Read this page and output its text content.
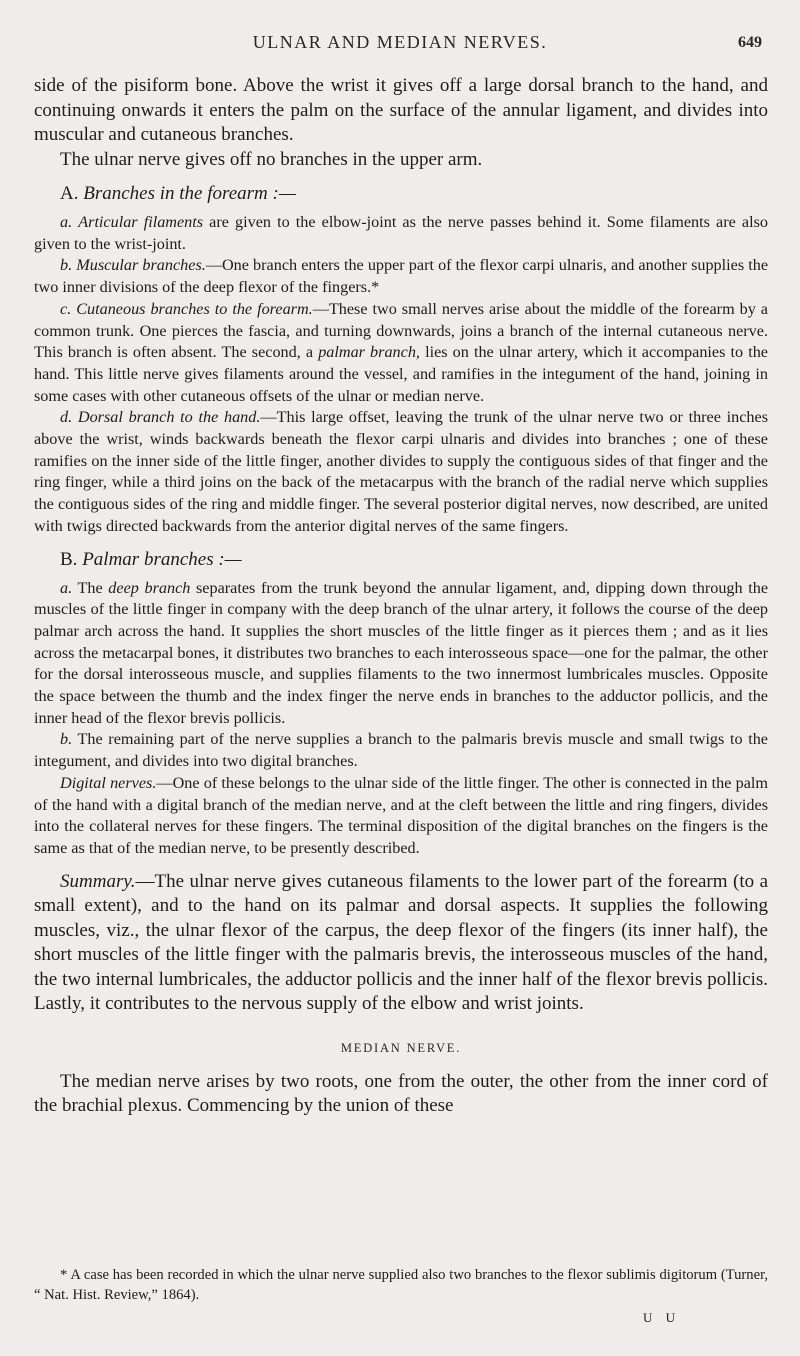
ULNAR AND MEDIAN NERVES.	649

side of the pisiform bone. Above the wrist it gives off a large dorsal branch to the hand, and continuing onwards it enters the palm on the surface of the annular ligament, and divides into muscular and cutaneous branches.

The ulnar nerve gives off no branches in the upper arm.

A. Branches in the forearm :—

a. Articular filaments are given to the elbow-joint as the nerve passes behind it. Some filaments are also given to the wrist-joint.

b. Muscular branches.—One branch enters the upper part of the flexor carpi ulnaris, and another supplies the two inner divisions of the deep flexor of the fingers.*

c. Cutaneous branches to the forearm.—These two small nerves arise about the middle of the forearm by a common trunk. One pierces the fascia, and turning downwards, joins a branch of the internal cutaneous nerve. This branch is often absent. The second, a palmar branch, lies on the ulnar artery, which it accompanies to the hand. This little nerve gives filaments around the vessel, and ramifies in the integument of the hand, joining in some cases with other cutaneous offsets of the ulnar or median nerve.

d. Dorsal branch to the hand.—This large offset, leaving the trunk of the ulnar nerve two or three inches above the wrist, winds backwards beneath the flexor carpi ulnaris and divides into branches ; one of these ramifies on the inner side of the little finger, another divides to supply the contiguous sides of that finger and the ring finger, while a third joins on the back of the metacarpus with the branch of the radial nerve which supplies the contiguous sides of the ring and middle finger. The several posterior digital nerves, now described, are united with twigs directed backwards from the anterior digital nerves of the same fingers.

B. Palmar branches :—

a. The deep branch separates from the trunk beyond the annular ligament, and, dipping down through the muscles of the little finger in company with the deep branch of the ulnar artery, it follows the course of the deep palmar arch across the hand. It supplies the short muscles of the little finger as it pierces them ; and as it lies across the metacarpal bones, it distributes two branches to each interosseous space—one for the palmar, the other for the dorsal interosseous muscle, and supplies filaments to the two innermost lumbricales muscles. Opposite the space between the thumb and the index finger the nerve ends in branches to the adductor pollicis, and the inner head of the flexor brevis pollicis.

b. The remaining part of the nerve supplies a branch to the palmaris brevis muscle and small twigs to the integument, and divides into two digital branches.

Digital nerves.—One of these belongs to the ulnar side of the little finger. The other is connected in the palm of the hand with a digital branch of the median nerve, and at the cleft between the little and ring fingers, divides into the collateral nerves for these fingers. The terminal disposition of the digital branches on the fingers is the same as that of the median nerve, to be presently described.

Summary.—The ulnar nerve gives cutaneous filaments to the lower part of the forearm (to a small extent), and to the hand on its palmar and dorsal aspects. It supplies the following muscles, viz., the ulnar flexor of the carpus, the deep flexor of the fingers (its inner half), the short muscles of the little finger with the palmaris brevis, the interosseous muscles of the hand, the two internal lumbricales, the adductor pollicis and the inner half of the flexor brevis pollicis. Lastly, it contributes to the nervous supply of the elbow and wrist joints.

MEDIAN NERVE.

The median nerve arises by two roots, one from the outer, the other from the inner cord of the brachial plexus. Commencing by the union of these

* A case has been recorded in which the ulnar nerve supplied also two branches to the flexor sublimis digitorum (Turner, “ Nat. Hist. Review,” 1864).

U U
